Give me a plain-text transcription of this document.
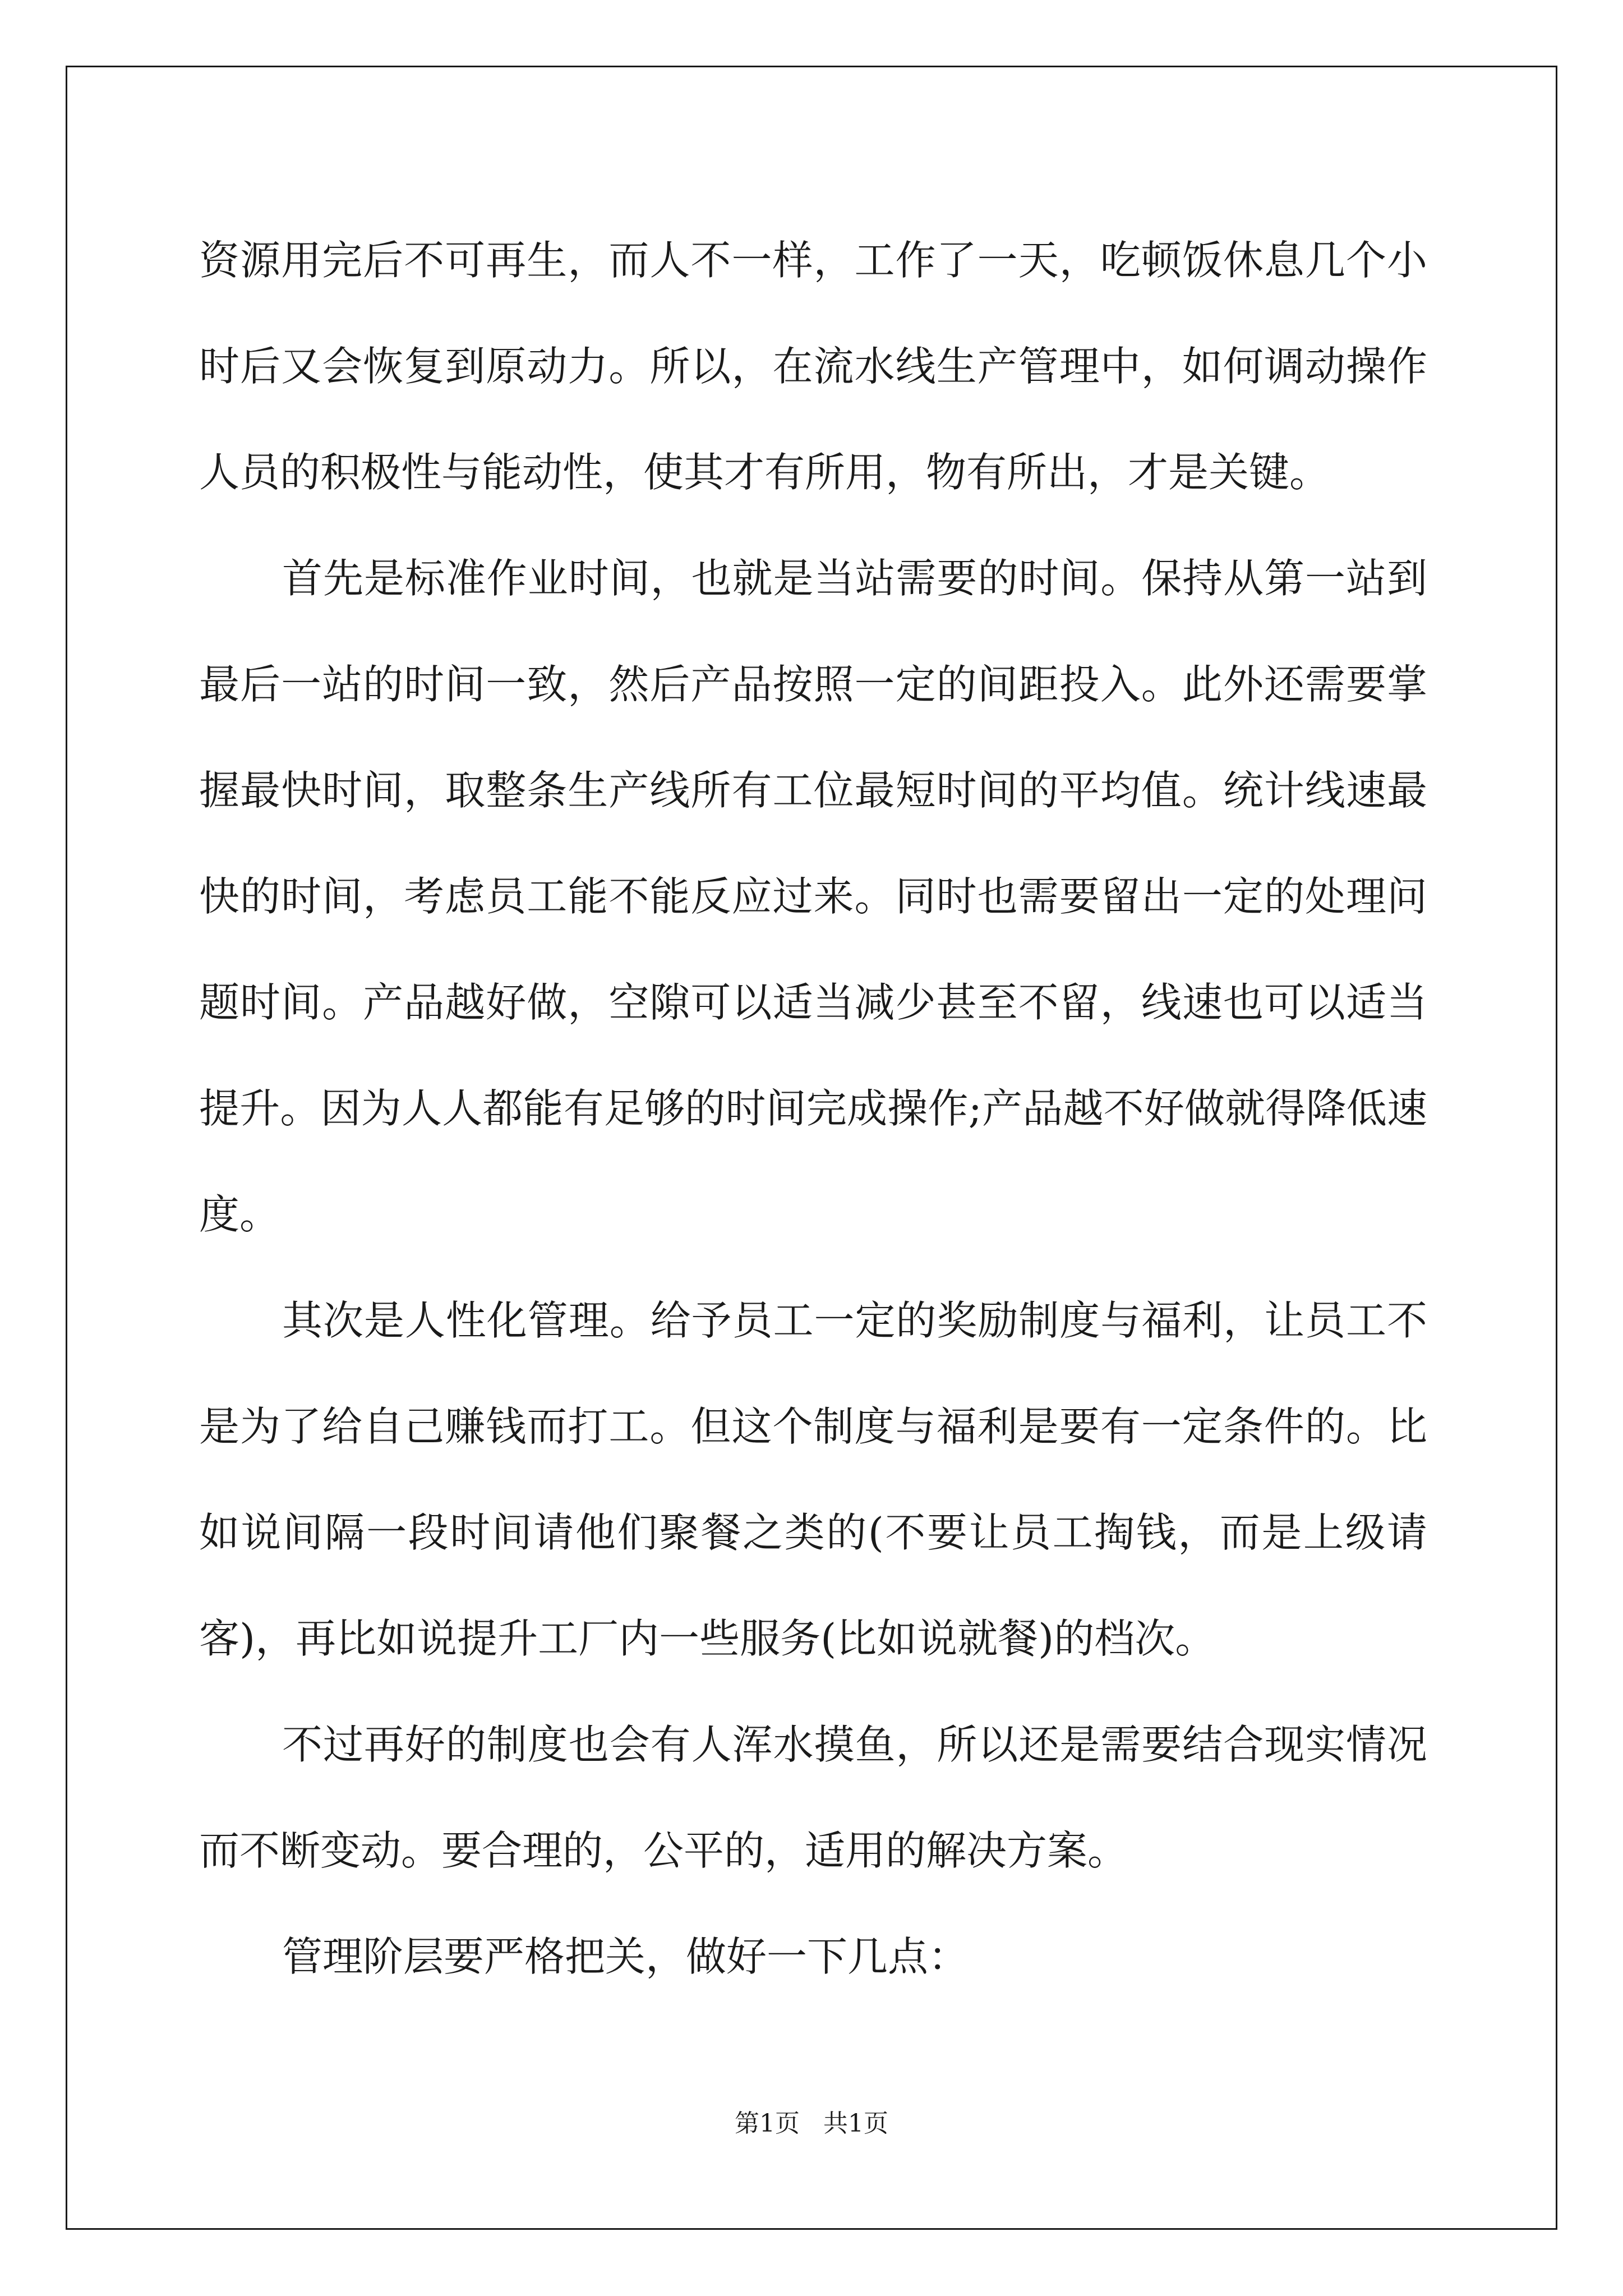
资源用完后不可再生，而人不一样，工作了一天，吃顿饭休息几个小时后又会恢复到原动力。所以，在流水线生产管理中，如何调动操作人员的积极性与能动性，使其才有所用，物有所出，才是关键。

首先是标准作业时间，也就是当站需要的时间。保持从第一站到最后一站的时间一致，然后产品按照一定的间距投入。此外还需要掌握最快时间，取整条生产线所有工位最短时间的平均值。统计线速最快的时间，考虑员工能不能反应过来。同时也需要留出一定的处理问题时间。产品越好做，空隙可以适当减少甚至不留，线速也可以适当提升。因为人人都能有足够的时间完成操作;产品越不好做就得降低速度。

其次是人性化管理。给予员工一定的奖励制度与福利，让员工不是为了给自己赚钱而打工。但这个制度与福利是要有一定条件的。比如说间隔一段时间请他们聚餐之类的(不要让员工掏钱，而是上级请客)，再比如说提升工厂内一些服务(比如说就餐)的档次。

不过再好的制度也会有人浑水摸鱼，所以还是需要结合现实情况而不断变动。要合理的，公平的，适用的解决方案。

管理阶层要严格把关，做好一下几点：

第1页   共1页
